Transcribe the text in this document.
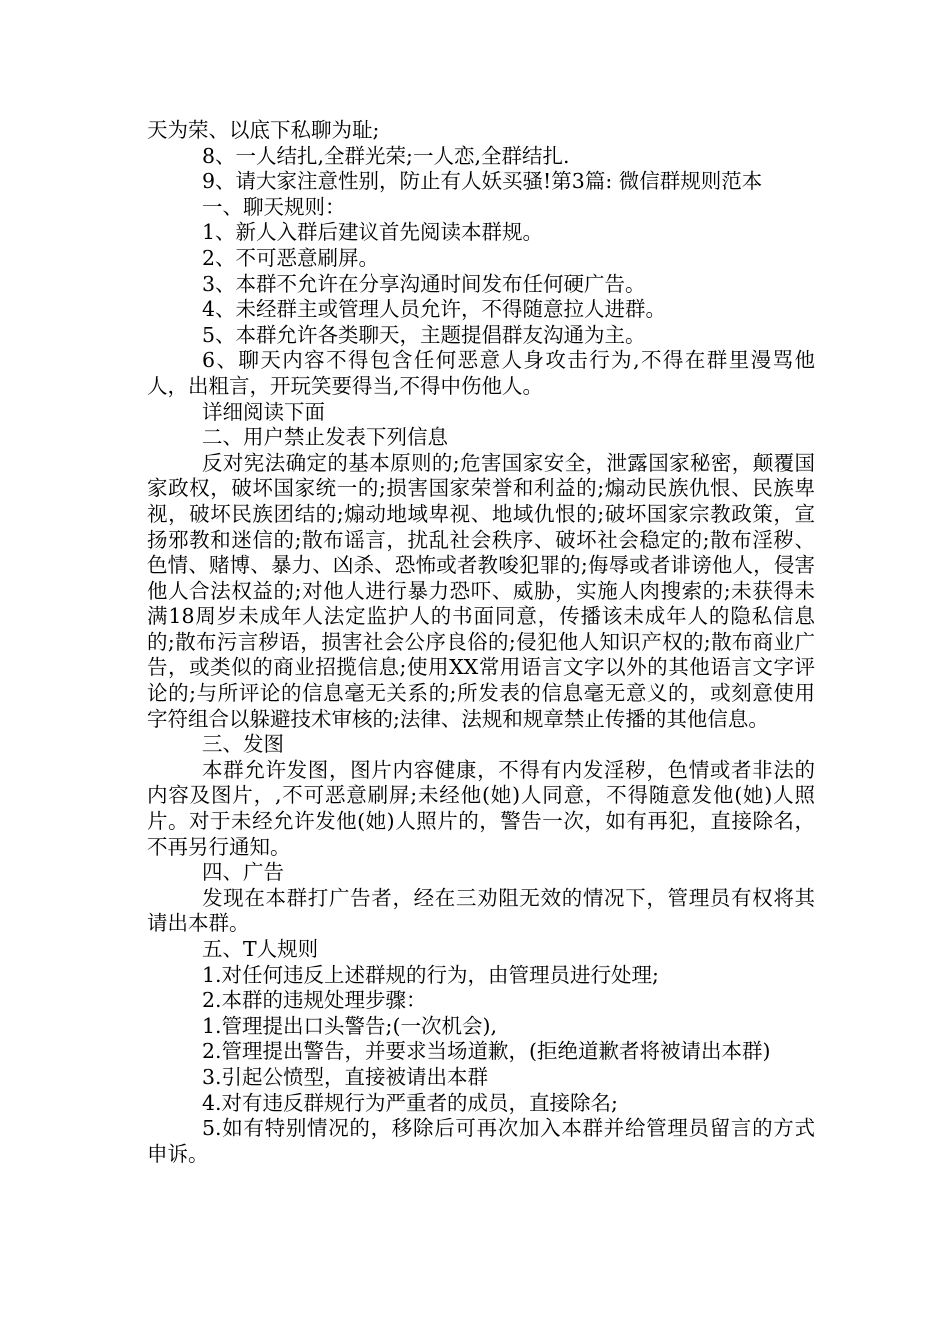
天为荣、以底下私聊为耻;

8、一人结扎,全群光荣;一人恋,全群结扎.

9、请大家注意性别，防止有人妖买骚!第3篇: 微信群规则范本

一、聊天规则：

1、新人入群后建议首先阅读本群规。

2、不可恶意刷屏。

3、本群不允许在分享沟通时间发布任何硬广告。

4、未经群主或管理人员允许，不得随意拉人进群。

5、本群允许各类聊天，主题提倡群友沟通为主。

6、聊天内容不得包含任何恶意人身攻击行为,不得在群里漫骂他人，出粗言，开玩笑要得当,不得中伤他人。

详细阅读下面

二、用户禁止发表下列信息

反对宪法确定的基本原则的;危害国家安全，泄露国家秘密，颠覆国家政权，破坏国家统一的;损害国家荣誉和利益的;煽动民族仇恨、民族卑视，破坏民族团结的;煽动地域卑视、地域仇恨的;破坏国家宗教政策，宣扬邪教和迷信的;散布谣言，扰乱社会秩序、破坏社会稳定的;散布淫秽、色情、赌博、暴力、凶杀、恐怖或者教唆犯罪的;侮辱或者诽谤他人，侵害他人合法权益的;对他人进行暴力恐吓、威胁，实施人肉搜索的;未获得未满18周岁未成年人法定监护人的书面同意，传播该未成年人的隐私信息的;散布污言秽语，损害社会公序良俗的;侵犯他人知识产权的;散布商业广告，或类似的商业招揽信息;使用XX常用语言文字以外的其他语言文字评论的;与所评论的信息毫无关系的;所发表的信息毫无意义的，或刻意使用字符组合以躲避技术审核的;法律、法规和规章禁止传播的其他信息。

三、发图

本群允许发图，图片内容健康，不得有内发淫秽，色情或者非法的内容及图片，,不可恶意刷屏;未经他(她)人同意，不得随意发他(她)人照片。对于未经允许发他(她)人照片的，警告一次，如有再犯，直接除名，不再另行通知。

四、广告

发现在本群打广告者，经在三劝阻无效的情况下，管理员有权将其请出本群。

五、T人规则

1.对任何违反上述群规的行为，由管理员进行处理;

2.本群的违规处理步骤：

1.管理提出口头警告;(一次机会),

2.管理提出警告，并要求当场道歉，(拒绝道歉者将被请出本群)

3.引起公愤型，直接被请出本群

4.对有违反群规行为严重者的成员，直接除名;

5.如有特别情况的，移除后可再次加入本群并给管理员留言的方式申诉。
